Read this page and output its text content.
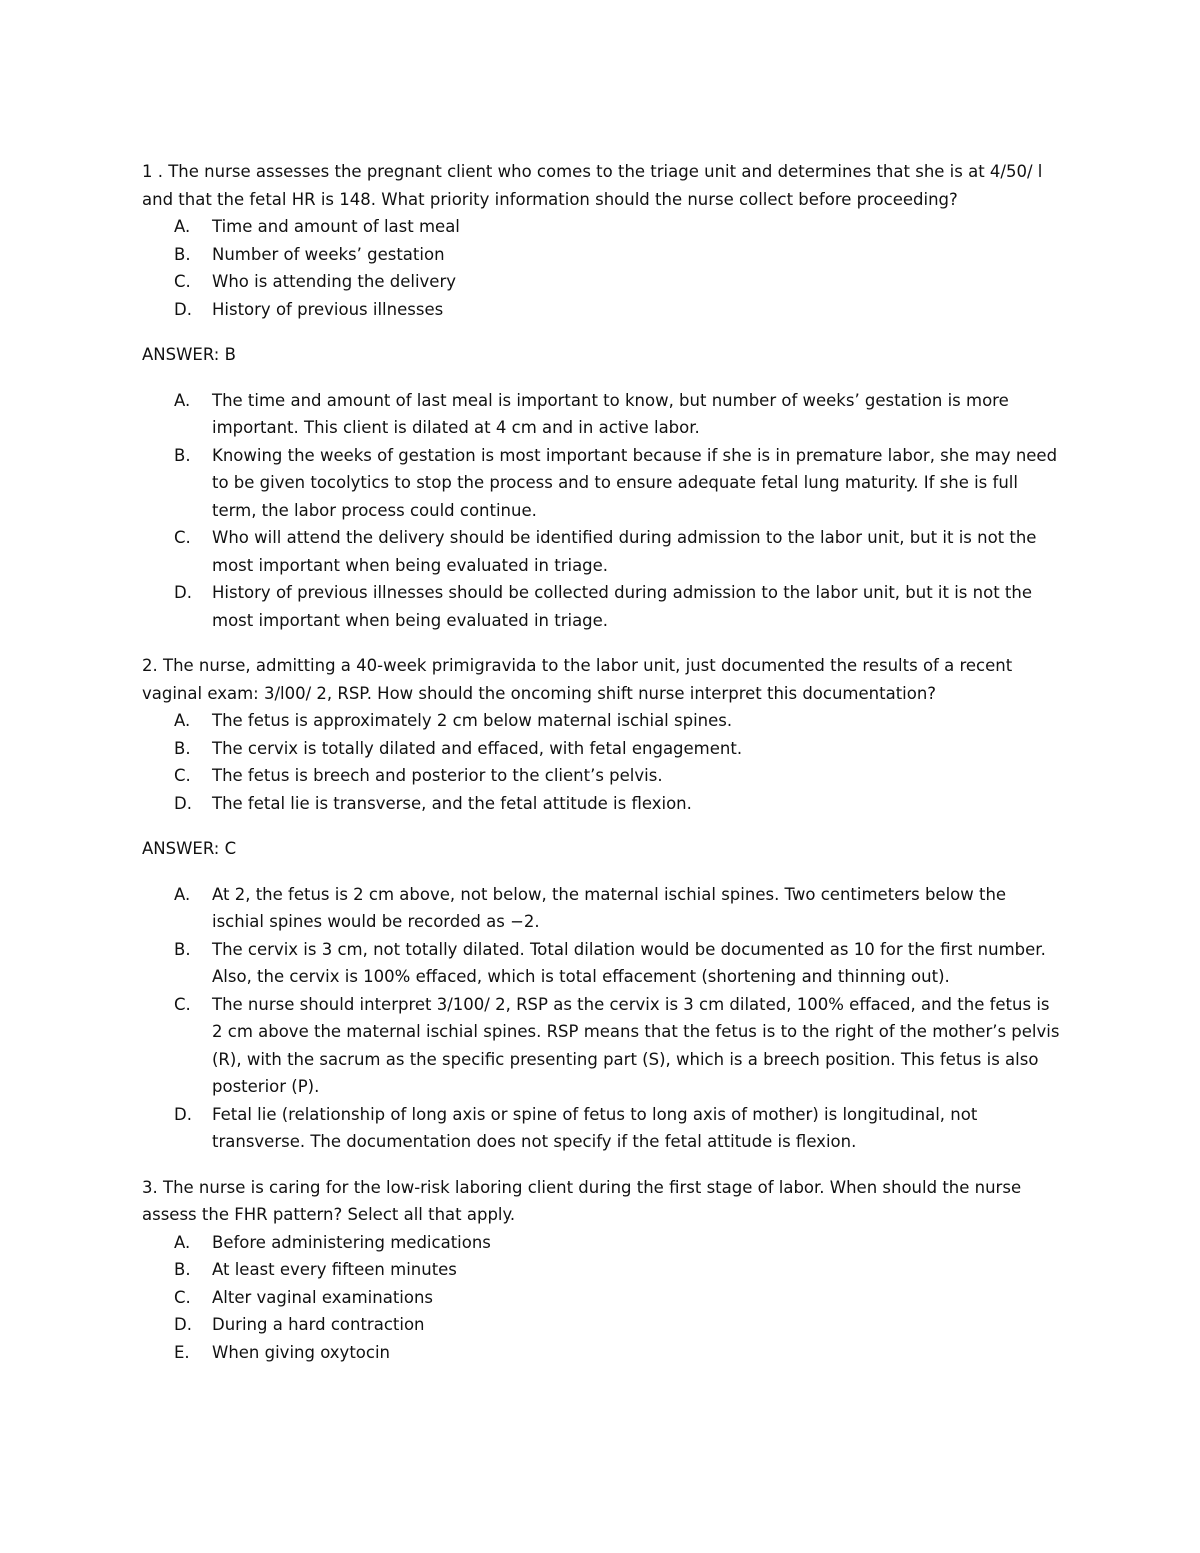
1 . The nurse assesses the pregnant client who comes to the triage unit and determines that she is at 4/50/ l and that the fetal HR is 148. What priority information should the nurse collect before proceeding?

A. Time and amount of last meal
B. Number of weeks’ gestation
C. Who is attending the delivery
D. History of previous illnesses

ANSWER: B

A. The time and amount of last meal is important to know, but number of weeks’ gestation is more important. This client is dilated at 4 cm and in active labor.
B. Knowing the weeks of gestation is most important because if she is in premature labor, she may need to be given tocolytics to stop the process and to ensure adequate fetal lung maturity. If she is full term, the labor process could continue.
C. Who will attend the delivery should be identified during admission to the labor unit, but it is not the most important when being evaluated in triage.
D. History of previous illnesses should be collected during admission to the labor unit, but it is not the most important when being evaluated in triage.

2. The nurse, admitting a 40-week primigravida to the labor unit, just documented the results of a recent vaginal exam: 3/l00/ 2, RSP. How should the oncoming shift nurse interpret this documentation?

A. The fetus is approximately 2 cm below maternal ischial spines.
B. The cervix is totally dilated and effaced, with fetal engagement.
C. The fetus is breech and posterior to the client’s pelvis.
D. The fetal lie is transverse, and the fetal attitude is flexion.

ANSWER: C

A. At 2, the fetus is 2 cm above, not below, the maternal ischial spines. Two centimeters below the ischial spines would be recorded as −2.
B. The cervix is 3 cm, not totally dilated. Total dilation would be documented as 10 for the first number. Also, the cervix is 100% effaced, which is total effacement (shortening and thinning out).
C. The nurse should interpret 3/100/ 2, RSP as the cervix is 3 cm dilated, 100% effaced, and the fetus is 2 cm above the maternal ischial spines. RSP means that the fetus is to the right of the mother’s pelvis (R), with the sacrum as the specific presenting part (S), which is a breech position. This fetus is also posterior (P).
D. Fetal lie (relationship of long axis or spine of fetus to long axis of mother) is longitudinal, not transverse. The documentation does not specify if the fetal attitude is flexion.

3. The nurse is caring for the low-risk laboring client during the first stage of labor. When should the nurse assess the FHR pattern? Select all that apply.

A. Before administering medications
B. At least every fifteen minutes
C. Alter vaginal examinations
D. During a hard contraction
E. When giving oxytocin
